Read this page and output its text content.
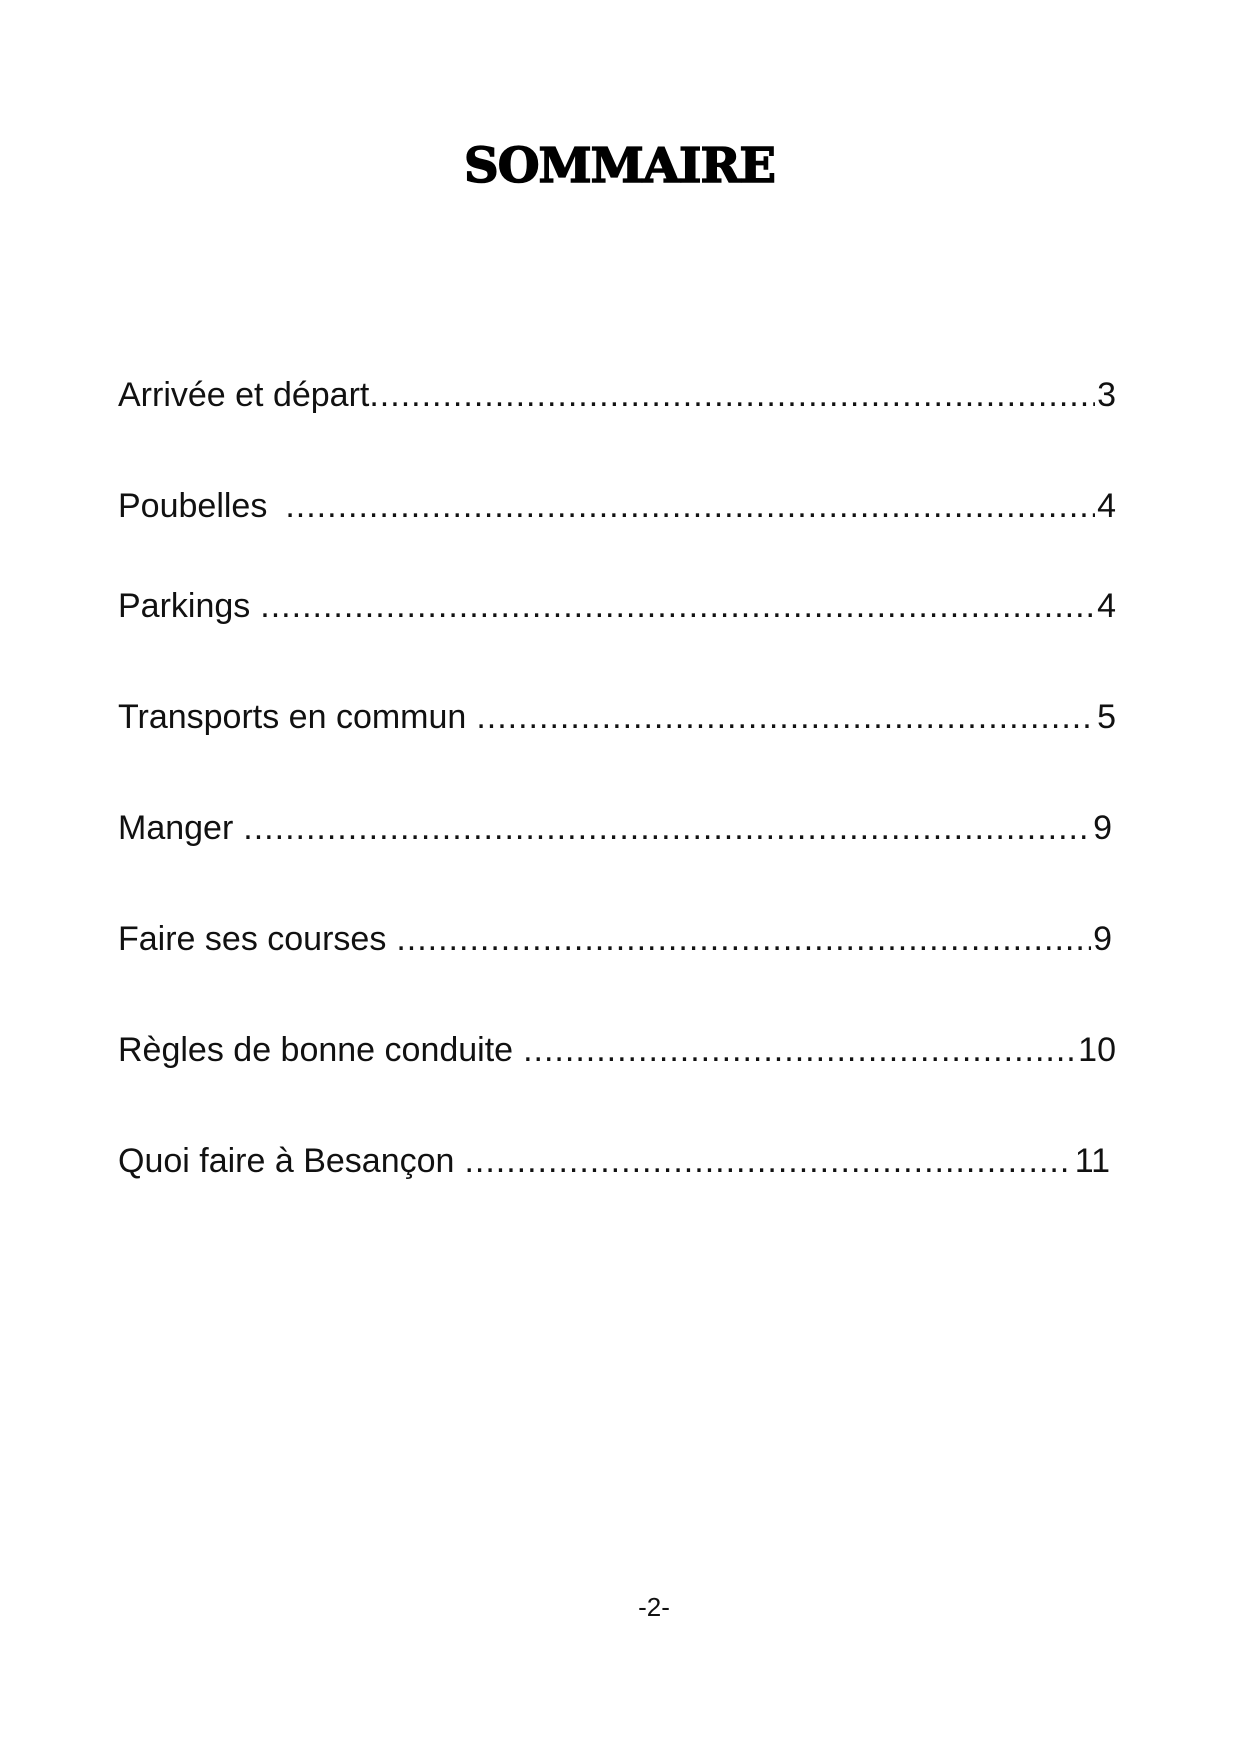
SOMMAIRE
Arrivée et départ .....	3
Poubelles .....	4
Parkings .....	4
Transports en commun .....	5
Manger .....	9
Faire ses courses .....	9
Règles de bonne conduite .....	10
Quoi faire à Besançon .....	11
-2-
